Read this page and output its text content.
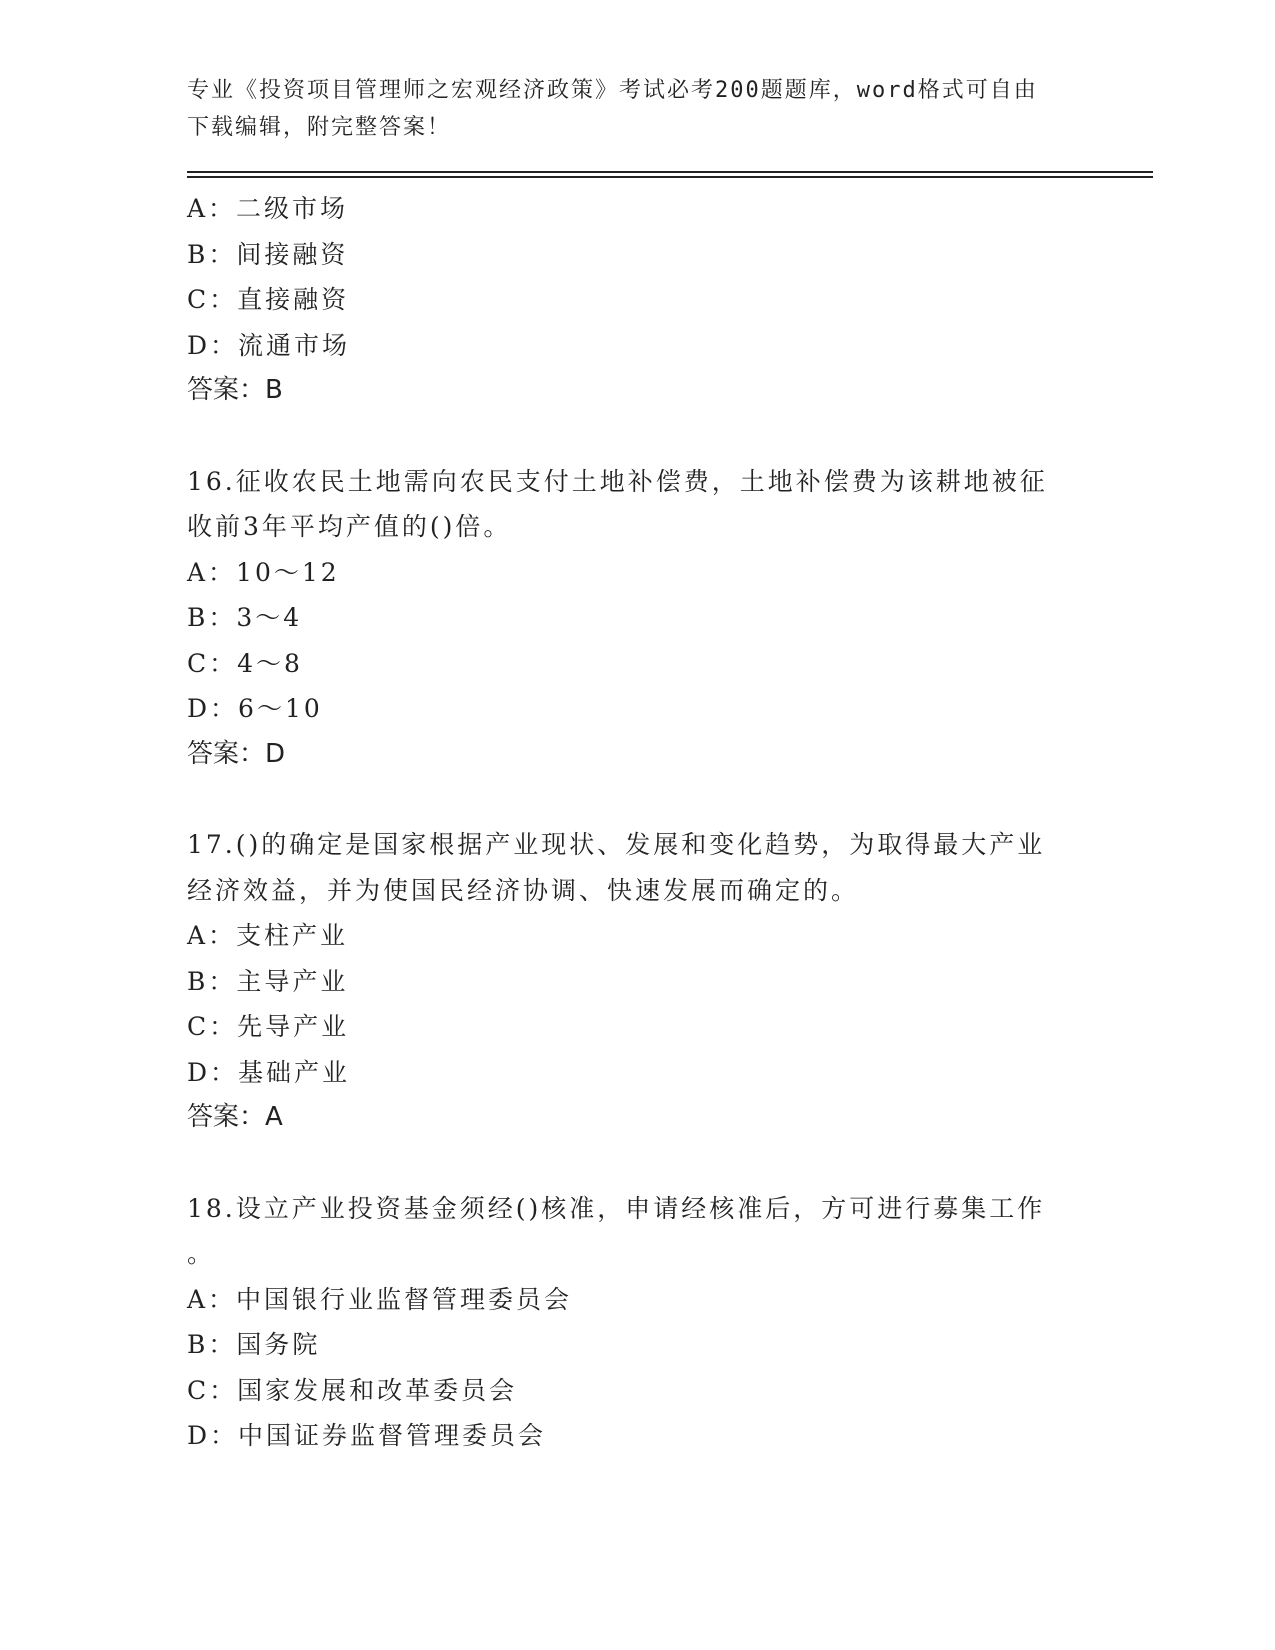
专业《投资项目管理师之宏观经济政策》考试必考200题题库，word格式可自由
下载编辑，附完整答案！
A：二级市场
B：间接融资
C：直接融资
D：流通市场
答案：B
16.征收农民土地需向农民支付土地补偿费，土地补偿费为该耕地被征
收前3年平均产值的()倍。
A：10～12
B：3～4
C：4～8
D：6～10
答案：D
17.()的确定是国家根据产业现状、发展和变化趋势，为取得最大产业
经济效益，并为使国民经济协调、快速发展而确定的。
A：支柱产业
B：主导产业
C：先导产业
D：基础产业
答案：A
18.设立产业投资基金须经()核准，申请经核准后，方可进行募集工作
。
A：中国银行业监督管理委员会
B：国务院
C：国家发展和改革委员会
D：中国证券监督管理委员会
